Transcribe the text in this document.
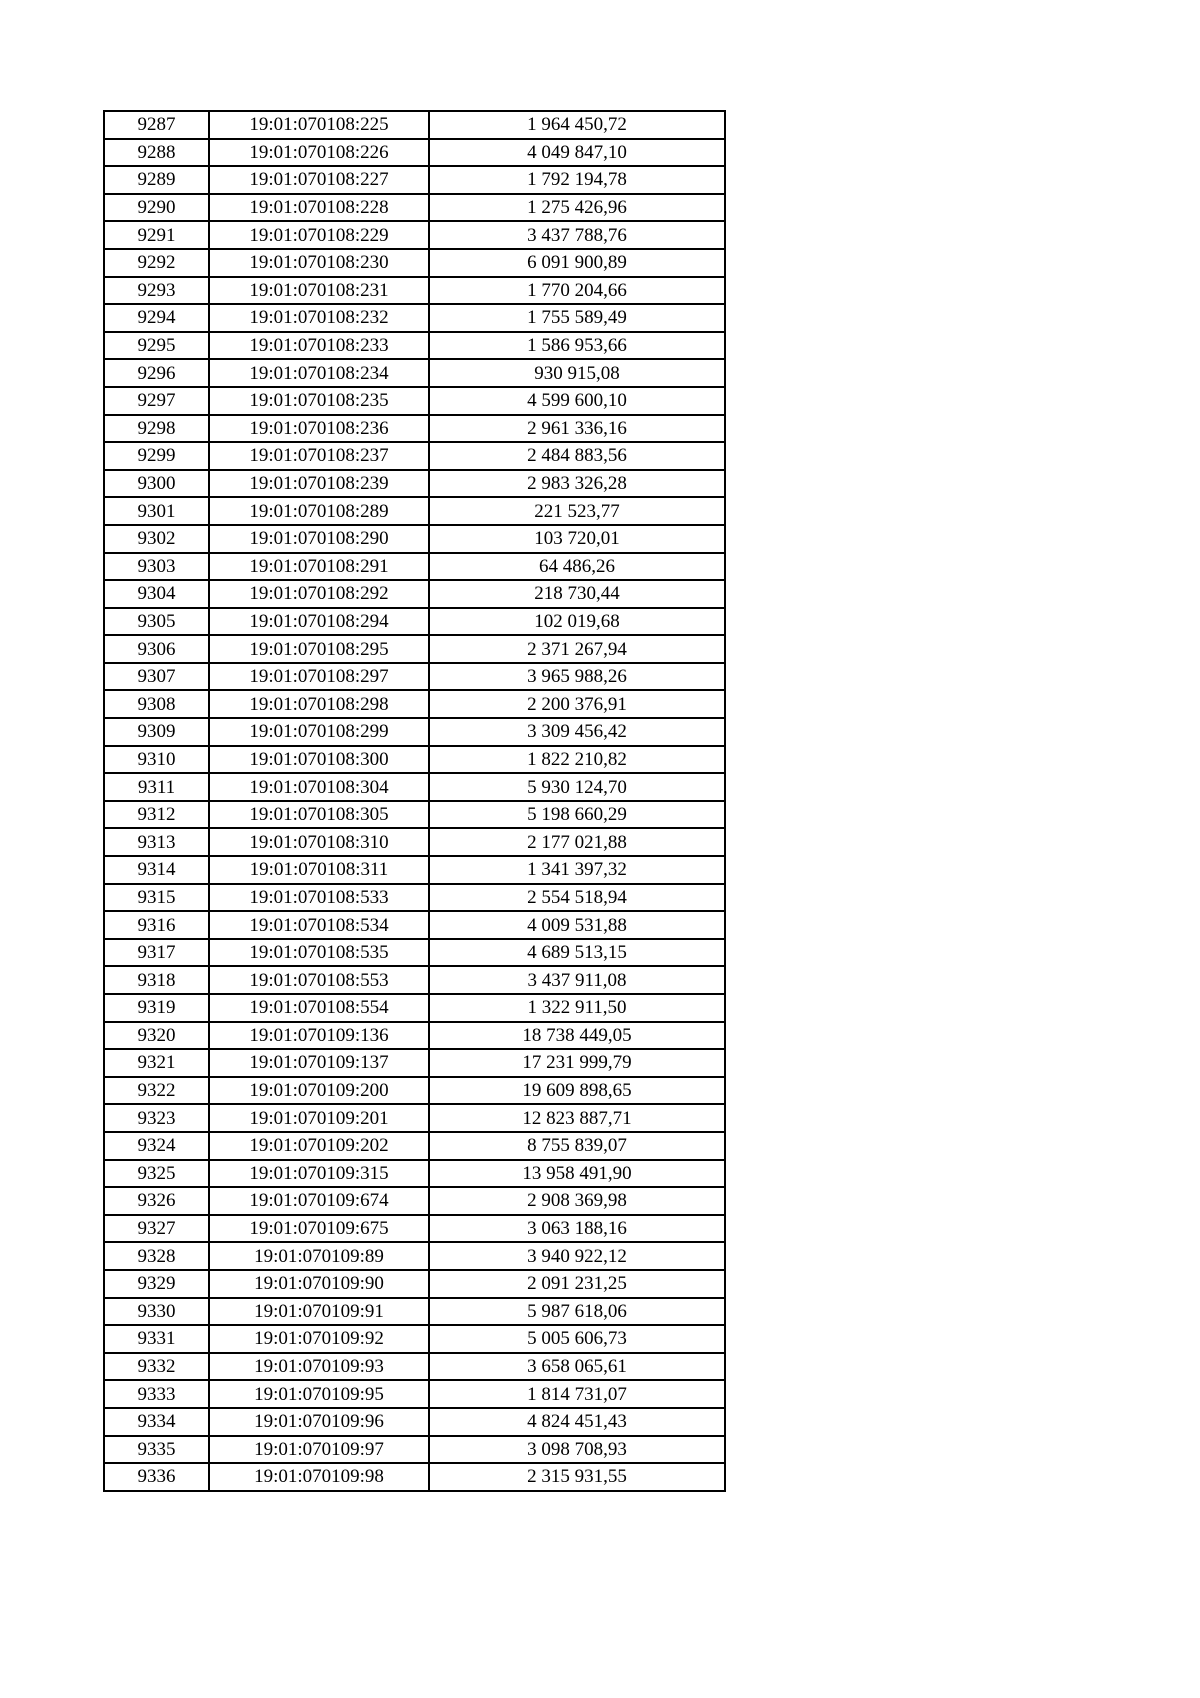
9287	19:01:070108:225	1 964 450,72
9288	19:01:070108:226	4 049 847,10
9289	19:01:070108:227	1 792 194,78
9290	19:01:070108:228	1 275 426,96
9291	19:01:070108:229	3 437 788,76
9292	19:01:070108:230	6 091 900,89
9293	19:01:070108:231	1 770 204,66
9294	19:01:070108:232	1 755 589,49
9295	19:01:070108:233	1 586 953,66
9296	19:01:070108:234	930 915,08
9297	19:01:070108:235	4 599 600,10
9298	19:01:070108:236	2 961 336,16
9299	19:01:070108:237	2 484 883,56
9300	19:01:070108:239	2 983 326,28
9301	19:01:070108:289	221 523,77
9302	19:01:070108:290	103 720,01
9303	19:01:070108:291	64 486,26
9304	19:01:070108:292	218 730,44
9305	19:01:070108:294	102 019,68
9306	19:01:070108:295	2 371 267,94
9307	19:01:070108:297	3 965 988,26
9308	19:01:070108:298	2 200 376,91
9309	19:01:070108:299	3 309 456,42
9310	19:01:070108:300	1 822 210,82
9311	19:01:070108:304	5 930 124,70
9312	19:01:070108:305	5 198 660,29
9313	19:01:070108:310	2 177 021,88
9314	19:01:070108:311	1 341 397,32
9315	19:01:070108:533	2 554 518,94
9316	19:01:070108:534	4 009 531,88
9317	19:01:070108:535	4 689 513,15
9318	19:01:070108:553	3 437 911,08
9319	19:01:070108:554	1 322 911,50
9320	19:01:070109:136	18 738 449,05
9321	19:01:070109:137	17 231 999,79
9322	19:01:070109:200	19 609 898,65
9323	19:01:070109:201	12 823 887,71
9324	19:01:070109:202	8 755 839,07
9325	19:01:070109:315	13 958 491,90
9326	19:01:070109:674	2 908 369,98
9327	19:01:070109:675	3 063 188,16
9328	19:01:070109:89	3 940 922,12
9329	19:01:070109:90	2 091 231,25
9330	19:01:070109:91	5 987 618,06
9331	19:01:070109:92	5 005 606,73
9332	19:01:070109:93	3 658 065,61
9333	19:01:070109:95	1 814 731,07
9334	19:01:070109:96	4 824 451,43
9335	19:01:070109:97	3 098 708,93
9336	19:01:070109:98	2 315 931,55
